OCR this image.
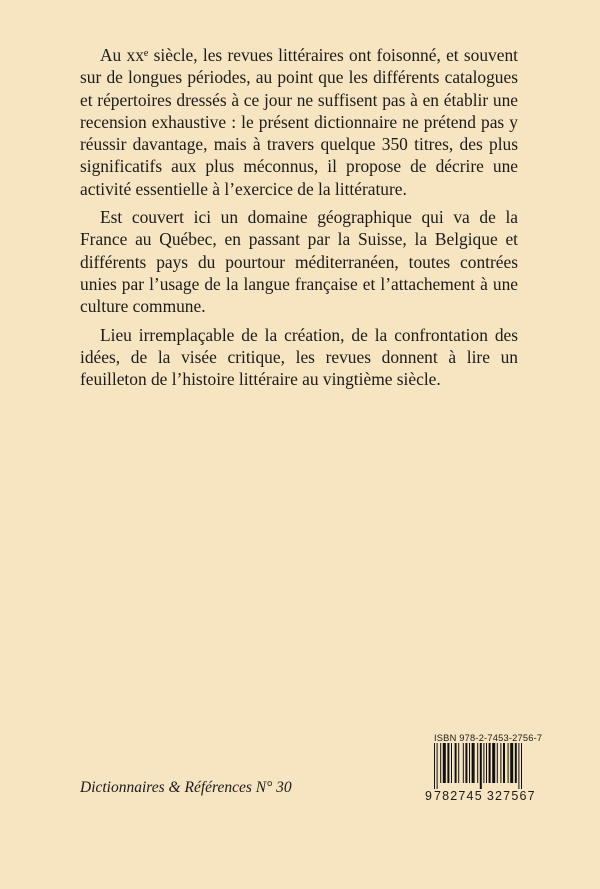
Au xxᵉ siècle, les revues littéraires ont foisonné, et souvent sur de longues périodes, au point que les différents catalogues et répertoires dressés à ce jour ne suffisent pas à en établir une recension exhaustive : le présent dictionnaire ne prétend pas y réussir davantage, mais à travers quelque 350 titres, des plus significatifs aux plus méconnus, il propose de décrire une activité essentielle à l’exercice de la littérature.

Est couvert ici un domaine géographique qui va de la France au Québec, en passant par la Suisse, la Belgique et différents pays du pourtour méditerranéen, toutes contrées unies par l’usage de la langue française et l’attachement à une culture commune.

Lieu irremplaçable de la création, de la confrontation des idées, de la visée critique, les revues donnent à lire un feuilleton de l’histoire littéraire au vingtième siècle.

Dictionnaires & Références N° 30
ISBN 978-2-7453-2756-7
9 782745 327567
